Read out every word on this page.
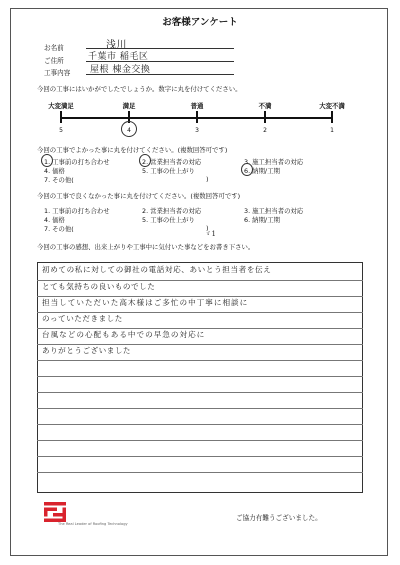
お客様アンケート
お名前	浅川
ご住所	千葉市 稲毛区
工事内容 屋根 棟金交換
今回の工事にはいかがでしたでしょうか。数字に丸を付けてください。
大変満足	満足	普通	不満	大変不満
5	4	3	2	1
今回の工事でよかった事に丸を付けてください。(複数回答可です)
1. 工事前の打ち合わせ	2. 営業担当者の対応	3. 施工担当者の対応
4. 価格	5. 工事の仕上がり	6. 納期/工期
7. その他(	)
今回の工事で良くなかった事に丸を付けてください。(複数回答可です)
1. 工事前の打ち合わせ	2. 営業担当者の対応	3. 施工担当者の対応
4. 価格	5. 工事の仕上がり	6. 納期/工期
7. その他(	)
ゞ1
今回の工事の感想、出来上がりや工事中に気付いた事などをお書き下さい。
初めての私に対しての御社の電話対応、あいとう担当者を伝え
とても気持ちの良いものでした
担当していただいた高木様はご多忙の中丁寧に相談に
のっていただきました
台風などの心配もある中での早急の対応に
ありがとうございました
The Real Leader of Roofing Technology
ご協力有難うございました。
